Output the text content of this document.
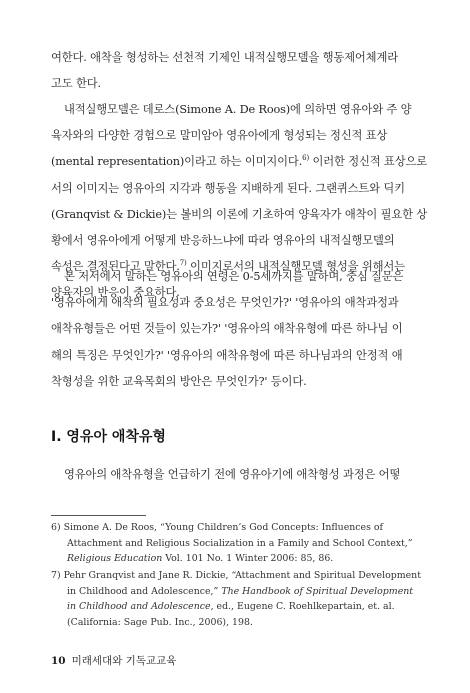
여한다. 애착을 형성하는 선천적 기제인 내적실행모델을 행동제어체계라
고도 한다.
내적실행모델은 데로스(Simone A. De Roos)에 의하면 영유아와 주 양
육자와의 다양한 경험으로 말미암아 영유아에게 형성되는 정신적 표상
(mental representation)이라고 하는 이미지이다.$^{6)}$ 이러한 정신적 표상으로
서의 이미지는 영유아의 지각과 행동을 지배하게 된다. 그랜퀴스트와 딕키
(Granqvist & Dickie)는 볼비의 이론에 기초하여 양육자가 애착이 필요한 상
황에서 영유아에게 어떻게 반응하느냐에 따라 영유아의 내적실행모델의
속성은 결정된다고 말한다.$^{7)}$ 이미지로서의 내적실행모델 형성을 위해서는
양육자의 반응이 중요하다.
본 저서에서 말하는 영유아의 연령은 0-5세까지를 말하며, 중심 질문은
'영유아에게 애착의 필요성과 중요성은 무엇인가?' '영유아의 애착과정과
애착유형들은 어떤 것들이 있는가?' '영유아의 애착유형에 따른 하나님 이
해의 특징은 무엇인가?' '영유아의 애착유형에 따른 하나님과의 안정적 애
착형성을 위한 교육목회의 방안은 무엇인가?' 등이다.
I. 영유아 애착유형
영유아의 애착유형을 언급하기 전에 영유아기에 애착형성 과정은 어떻
6) Simone A. De Roos, “Young Children’s God Concepts: Influences of
Attachment and Religious Socialization in a Family and School Context,”
Religious Education Vol. 101 No. 1 Winter 2006: 85, 86.
7) Pehr Granqvist and Jane R. Dickie, “Attachment and Spiritual Development
in Childhood and Adolescence,” The Handbook of Spiritual Development
in Childhood and Adolescence, ed., Eugene C. Roehlkepartain, et. al.
(California: Sage Pub. Inc., 2006), 198.
10 미래세대와 기독교교육
